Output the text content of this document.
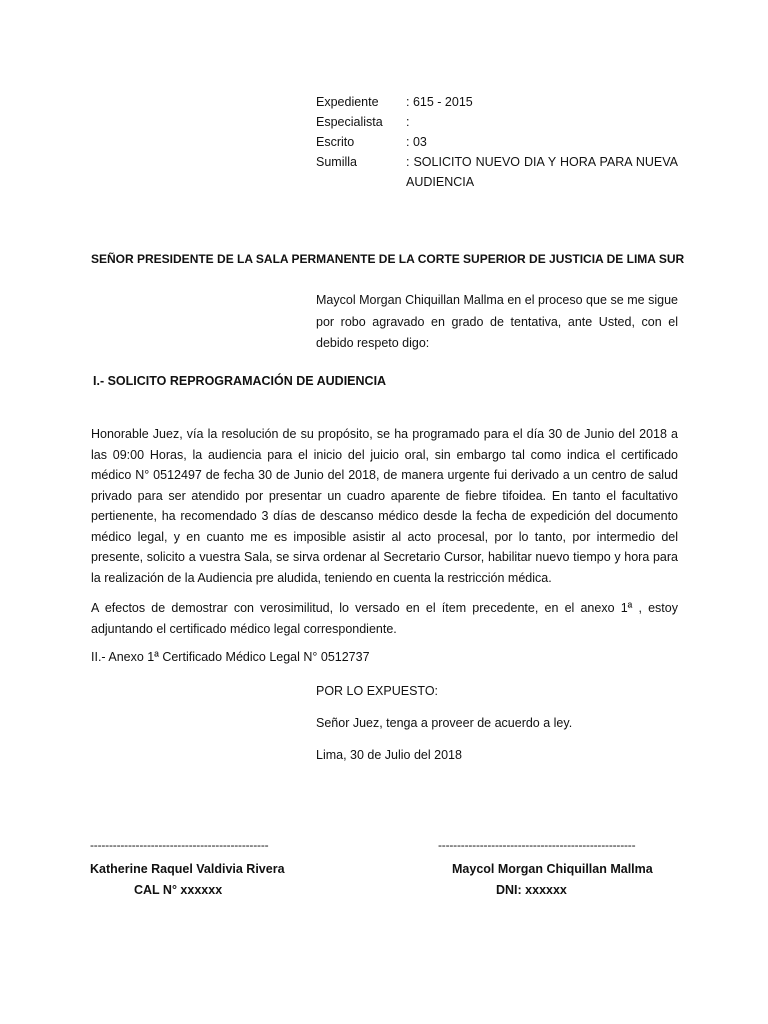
Expediente	: 615 - 2015
Especialista	:
Escrito	: 03
Sumilla	: SOLICITO NUEVO DIA Y HORA PARA NUEVA AUDIENCIA
SEÑOR PRESIDENTE DE LA SALA PERMANENTE DE LA CORTE SUPERIOR DE JUSTICIA DE LIMA SUR
Maycol Morgan Chiquillan Mallma en el proceso que se me sigue por robo agravado en grado de tentativa, ante Usted, con el debido respeto digo:
I.- SOLICITO REPROGRAMACIÓN DE AUDIENCIA
Honorable Juez, vía la resolución de su propósito, se ha programado para el día 30 de Junio del 2018 a las 09:00 Horas, la audiencia para el inicio del juicio oral, sin embargo tal como indica el certificado médico N° 0512497 de fecha 30 de Junio del 2018, de manera urgente fui derivado a un centro de salud privado para ser atendido por presentar un cuadro aparente de fiebre tifoidea. En tanto el facultativo pertienente, ha recomendado 3 días de descanso médico desde la fecha de expedición del documento médico legal, y en cuanto me es imposible asistir al acto procesal, por lo tanto, por intermedio del presente, solicito a vuestra Sala, se sirva ordenar al Secretario Cursor, habilitar nuevo tiempo y hora para la realización de la Audiencia pre aludida, teniendo en cuenta la restricción médica.
A efectos de demostrar con verosimilitud, lo versado en el ítem precedente, en el anexo 1ª , estoy adjuntando el certificado médico legal correspondiente.
II.- Anexo 1ª Certificado Médico Legal N° 0512737
POR LO EXPUESTO:
Señor Juez, tenga a proveer de acuerdo a ley.
Lima, 30 de Julio del 2018
-----------------------------------------------	----------------------------------------------------
Katherine Raquel Valdivia Rivera
CAL N° xxxxxx
Maycol Morgan Chiquillan Mallma
DNI: xxxxxx
